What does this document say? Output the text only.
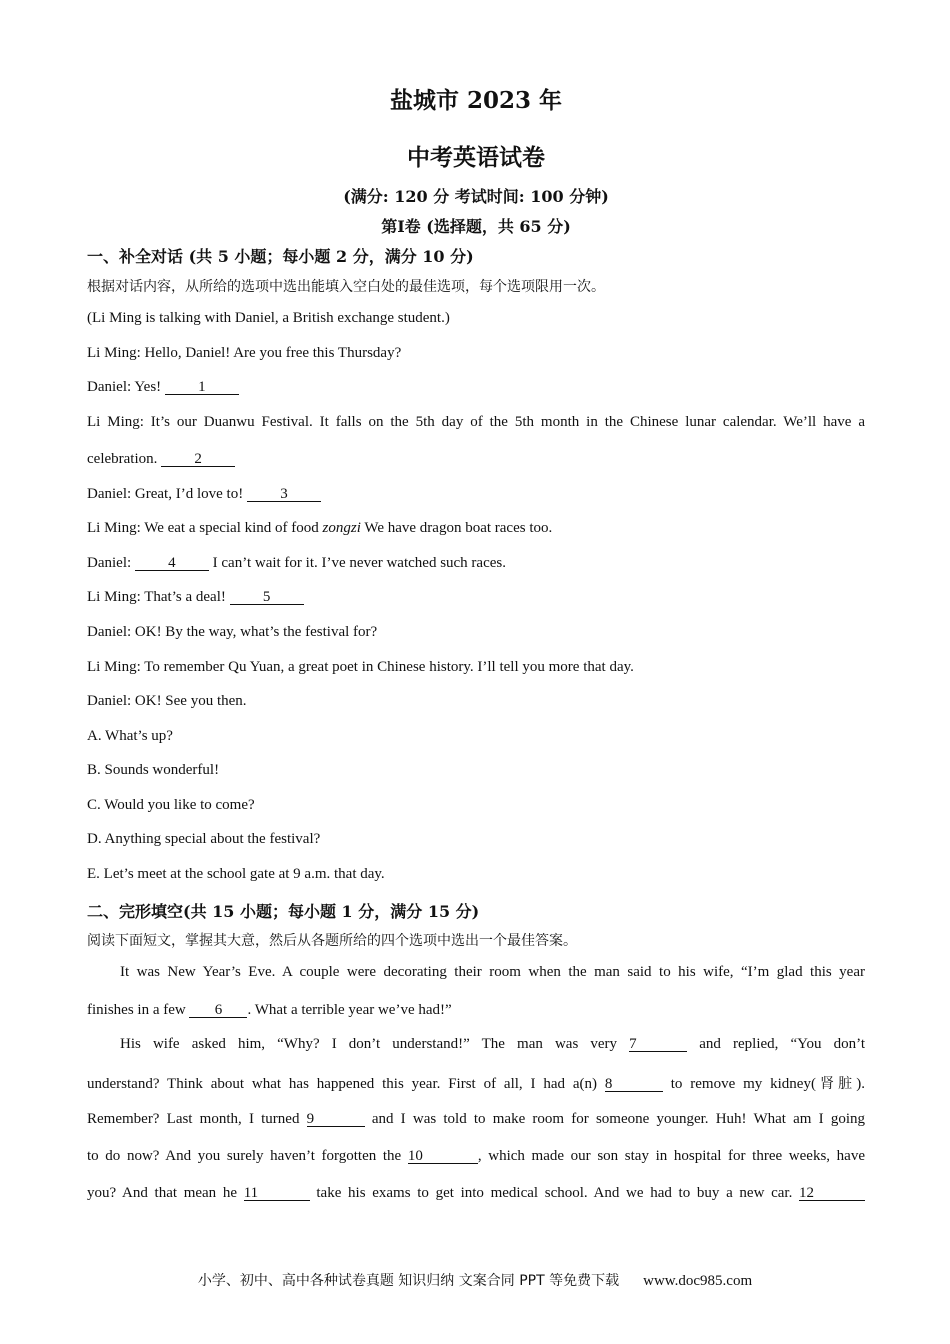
盐城市 2023 年
中考英语试卷
(满分: 120 分 考试时间: 100 分钟)
第Ⅰ卷 (选择题，共 65 分)
一、补全对话 (共 5 小题；每小题 2 分，满分 10 分)
根据对话内容，从所给的选项中选出能填入空白处的最佳选项，每个选项限用一次。
(Li Ming is talking with Daniel, a British exchange student.)
Li Ming: Hello, Daniel! Are you free this Thursday?
Daniel: Yes! 1
Li Ming: It’s our Duanwu Festival. It falls on the 5th day of the 5th month in the Chinese lunar calendar. We’ll have a
celebration. 2
Daniel: Great, I’d love to! 3
Li Ming: We eat a special kind of food zongzi We have dragon boat races too.
Daniel: 4 I can’t wait for it. I’ve never watched such races.
Li Ming: That’s a deal! 5
Daniel: OK! By the way, what’s the festival for?
Li Ming: To remember Qu Yuan, a great poet in Chinese history. I’ll tell you more that day.
Daniel: OK! See you then.
A. What’s up?
B. Sounds wonderful!
C. Would you like to come?
D. Anything special about the festival?
E. Let’s meet at the school gate at 9 a.m. that day.
二、完形填空(共 15 小题；每小题 1 分，满分 15 分)
阅读下面短文，掌握其大意，然后从各题所给的四个选项中选出一个最佳答案。
It was New Year’s Eve. A couple were decorating their room when the man said to his wife, “I’m glad this year
finishes in a few 6 . What a terrible year we’ve had!”
His wife asked him, “Why? I don’t understand!” The man was very 7	and replied, “You don’t
understand? Think about what has happened this year. First of all, I had a(n) 8	to remove my kidney(肾脏).
Remember? Last month, I turned 9	and I was told to make room for someone younger. Huh! What am I going
to do now? And you surely haven’t forgotten the 10	, which made our son stay in hospital for three weeks, have
you? And that mean he 11	take his exams to get into medical school. And we had to buy a new car. 12
小学、初中、高中各种试卷真题 知识归纳 文案合同 PPT 等免费下载 www.doc985.com
